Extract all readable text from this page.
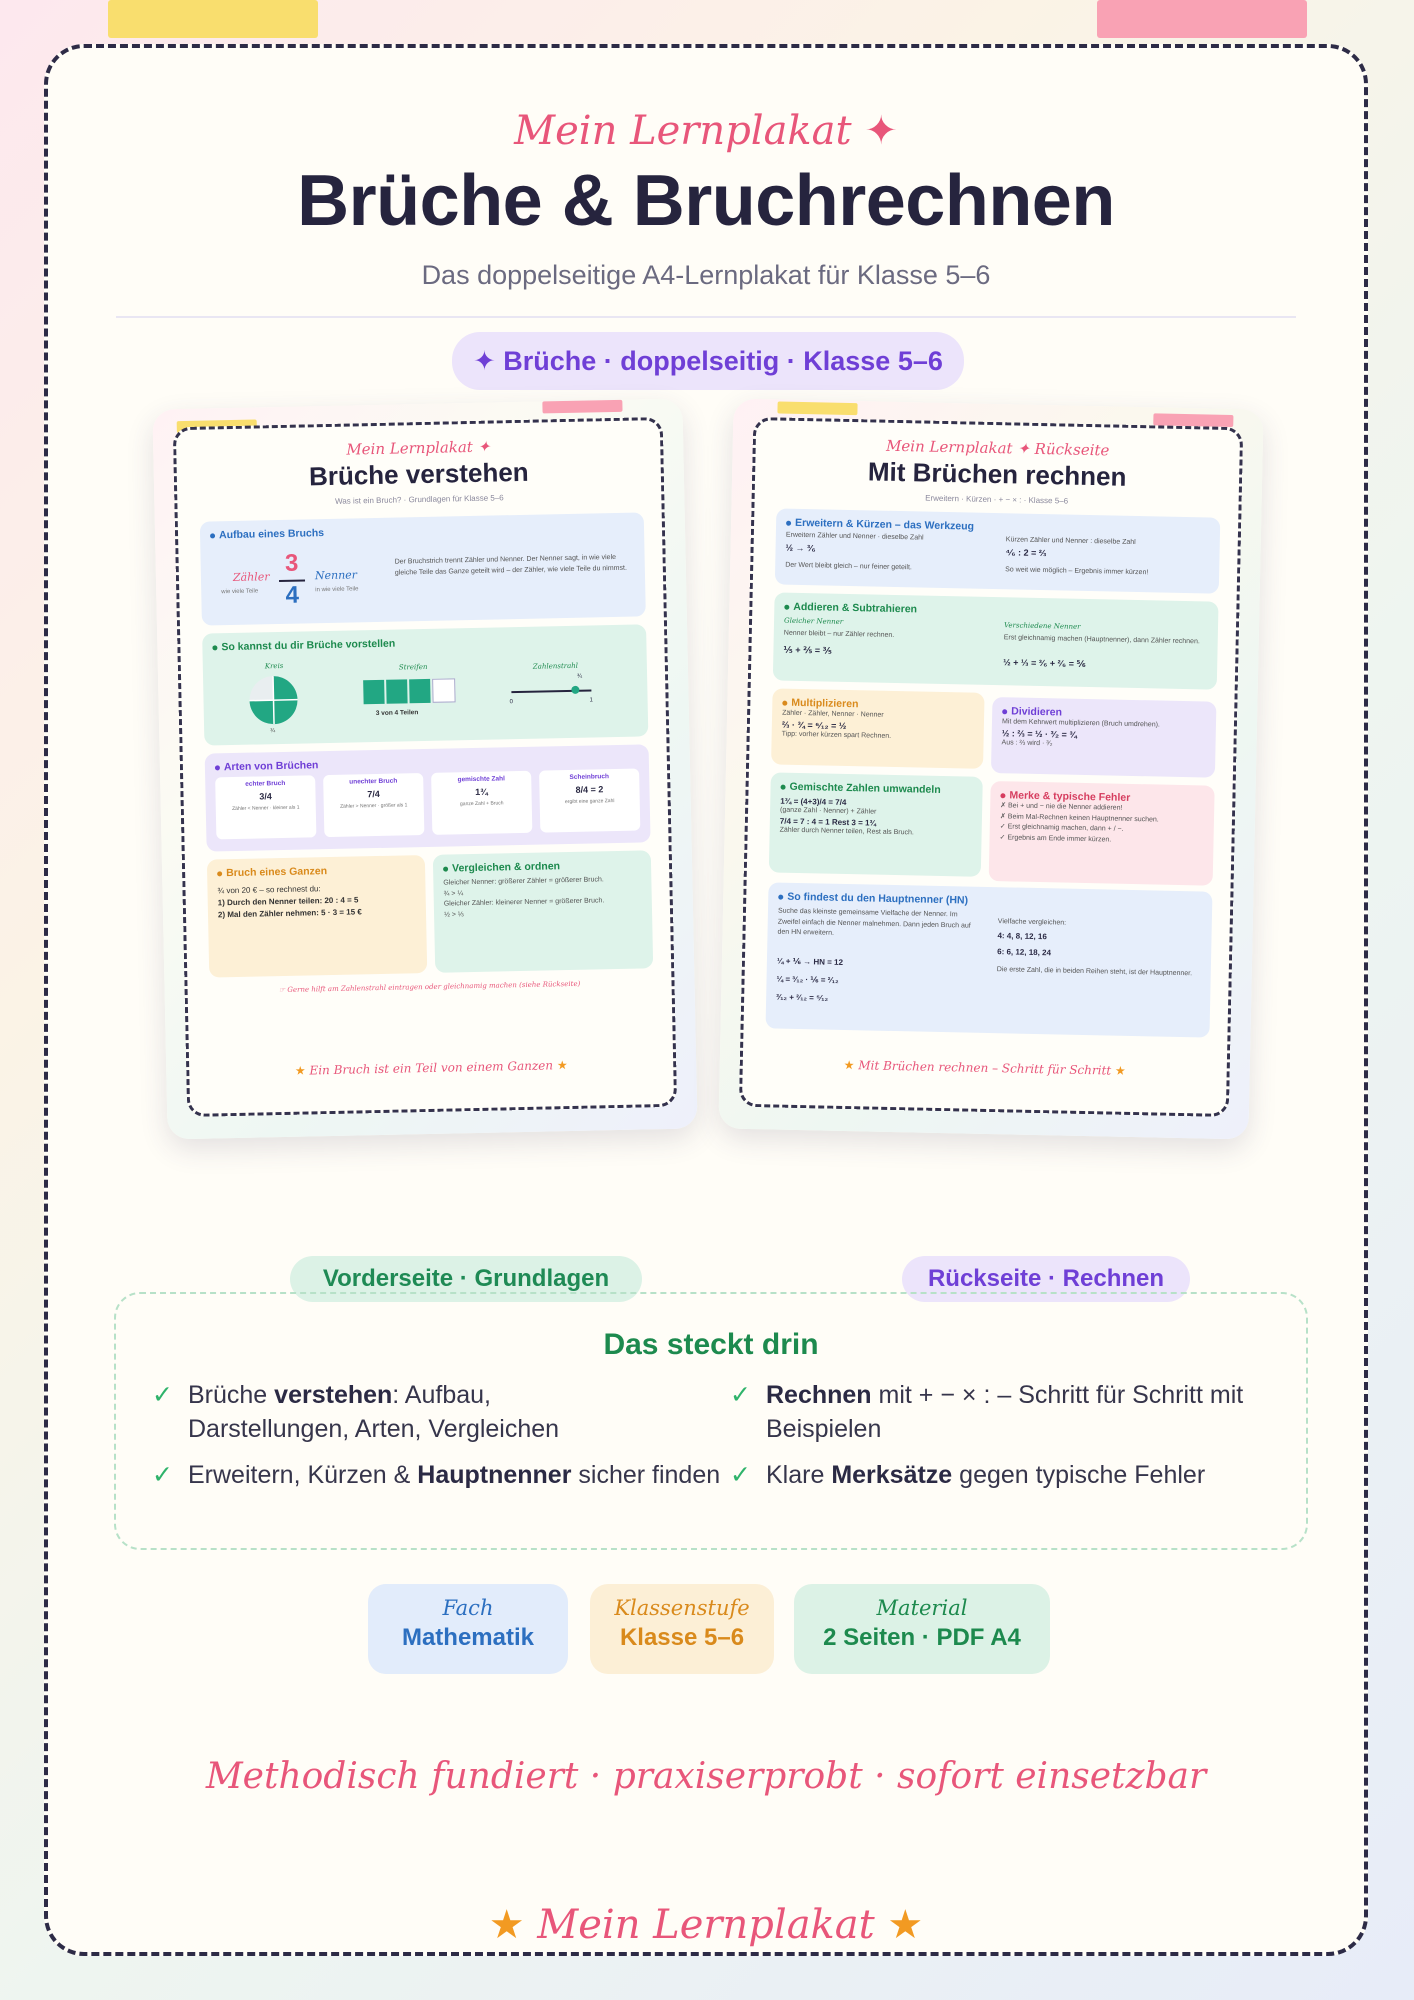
Mein Lernplakat ✦
Brüche & Bruchrechnen
Das doppelseitige A4-Lernplakat für Klasse 5–6
✦ Brüche · doppelseitig · Klasse 5–6
Mein Lernplakat ✦
Brüche verstehen
Was ist ein Bruch? · Grundlagen für Klasse 5–6
Aufbau eines Bruchs
Zähler
wie viele Teile
3
4
Nenner
in wie viele Teile
Der Bruchstrich trennt Zähler und Nenner. Der Nenner sagt, in wie viele gleiche Teile das Ganze geteilt wird – der Zähler, wie viele Teile du nimmst.
So kannst du dir Brüche vorstellen
Kreis
¾
Streifen
3 von 4 Teilen
Zahlenstrahl
¾
0	1
Arten von Brüchen
echter Bruch
3/4
Zähler < Nenner · kleiner als 1
unechter Bruch
7/4
Zähler > Nenner · größer als 1
gemischte Zahl
1¾
ganze Zahl + Bruch
Scheinbruch
8/4 = 2
ergibt eine ganze Zahl
Bruch eines Ganzen
¾ von 20 € – so rechnest du:
1) Durch den Nenner teilen: 20 : 4 = 5
2) Mal den Zähler nehmen: 5 · 3 = 15 €
Vergleichen & ordnen
Gleicher Nenner: größerer Zähler = größerer Bruch.
¾ > ¼
Gleicher Zähler: kleinerer Nenner = größerer Bruch.
½ > ⅓
☞ Gerne hilft am Zahlenstrahl eintragen oder gleichnamig machen (siehe Rückseite)
★ Ein Bruch ist ein Teil von einem Ganzen ★
Mein Lernplakat ✦ Rückseite
Mit Brüchen rechnen
Erweitern · Kürzen · + − × : · Klasse 5–6
Erweitern & Kürzen – das Werkzeug
Erweitern Zähler und Nenner · dieselbe Zahl
½ → ³⁄₆
Der Wert bleibt gleich – nur feiner geteilt.
Kürzen Zähler und Nenner : dieselbe Zahl
⁴⁄₆ : 2 = ⅔
So weit wie möglich – Ergebnis immer kürzen!
Addieren & Subtrahieren
Gleicher Nenner
Nenner bleibt – nur Zähler rechnen.
⅕ + ⅖ = ⅗
Verschiedene Nenner
Erst gleichnamig machen (Hauptnenner), dann Zähler rechnen.
½ + ⅓ = ³⁄₆ + ²⁄₆ = ⅚
Multiplizieren
Zähler · Zähler, Nenner · Nenner
⅔ · ¾ = ⁶⁄₁₂ = ½
Tipp: vorher kürzen spart Rechnen.
Dividieren
Mit dem Kehrwert multiplizieren (Bruch umdrehen).
½ : ⅔ = ½ · ³⁄₂ = ¾
Aus : ⅔ wird · ³⁄₂
Gemischte Zahlen umwandeln
1¾ = (4+3)/4 = 7/4
(ganze Zahl · Nenner) + Zähler
7/4 = 7 : 4 = 1 Rest 3 = 1¾
Zähler durch Nenner teilen, Rest als Bruch.
Merke & typische Fehler
✗ Bei + und − nie die Nenner addieren!
✗ Beim Mal-Rechnen keinen Hauptnenner suchen.
✓ Erst gleichnamig machen, dann + / −.
✓ Ergebnis am Ende immer kürzen.
So findest du den Hauptnenner (HN)
Suche das kleinste gemeinsame Vielfache der Nenner. Im Zweifel einfach die Nenner malnehmen. Dann jeden Bruch auf den HN erweitern.
¼ + ⅙ → HN = 12
¼ = ³⁄₁₂ · ⅙ = ²⁄₁₂
³⁄₁₂ + ²⁄₁₂ = ⁵⁄₁₂
Vielfache vergleichen:
4: 4, 8, 12, 16
6: 6, 12, 18, 24
Die erste Zahl, die in beiden Reihen steht, ist der Hauptnenner.
★ Mit Brüchen rechnen – Schritt für Schritt ★
Vorderseite · Grundlagen	Rückseite · Rechnen
Das steckt drin
✓ Brüche verstehen: Aufbau, Darstellungen, Arten, Vergleichen
✓ Rechnen mit + − × : – Schritt für Schritt mit Beispielen
✓ Erweitern, Kürzen & Hauptnenner sicher finden ✓ Klare Merksätze gegen typische Fehler
Fach
Mathematik
Klassenstufe
Klasse 5–6
Material
2 Seiten · PDF A4
Methodisch fundiert · praxiserprobt · sofort einsetzbar
★ Mein Lernplakat ★
